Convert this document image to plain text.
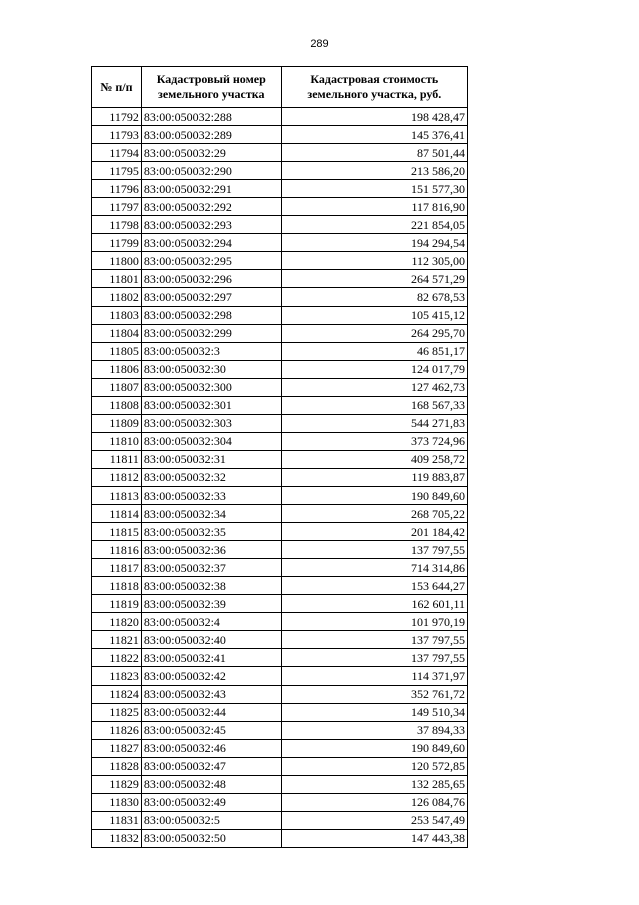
289
№ п/п	Кадастровый номер земельного участка	Кадастровая стоимость земельного участка, руб.
11792	83:00:050032:288	198 428,47
11793	83:00:050032:289	145 376,41
11794	83:00:050032:29	87 501,44
11795	83:00:050032:290	213 586,20
11796	83:00:050032:291	151 577,30
11797	83:00:050032:292	117 816,90
11798	83:00:050032:293	221 854,05
11799	83:00:050032:294	194 294,54
11800	83:00:050032:295	112 305,00
11801	83:00:050032:296	264 571,29
11802	83:00:050032:297	82 678,53
11803	83:00:050032:298	105 415,12
11804	83:00:050032:299	264 295,70
11805	83:00:050032:3	46 851,17
11806	83:00:050032:30	124 017,79
11807	83:00:050032:300	127 462,73
11808	83:00:050032:301	168 567,33
11809	83:00:050032:303	544 271,83
11810	83:00:050032:304	373 724,96
11811	83:00:050032:31	409 258,72
11812	83:00:050032:32	119 883,87
11813	83:00:050032:33	190 849,60
11814	83:00:050032:34	268 705,22
11815	83:00:050032:35	201 184,42
11816	83:00:050032:36	137 797,55
11817	83:00:050032:37	714 314,86
11818	83:00:050032:38	153 644,27
11819	83:00:050032:39	162 601,11
11820	83:00:050032:4	101 970,19
11821	83:00:050032:40	137 797,55
11822	83:00:050032:41	137 797,55
11823	83:00:050032:42	114 371,97
11824	83:00:050032:43	352 761,72
11825	83:00:050032:44	149 510,34
11826	83:00:050032:45	37 894,33
11827	83:00:050032:46	190 849,60
11828	83:00:050032:47	120 572,85
11829	83:00:050032:48	132 285,65
11830	83:00:050032:49	126 084,76
11831	83:00:050032:5	253 547,49
11832	83:00:050032:50	147 443,38
